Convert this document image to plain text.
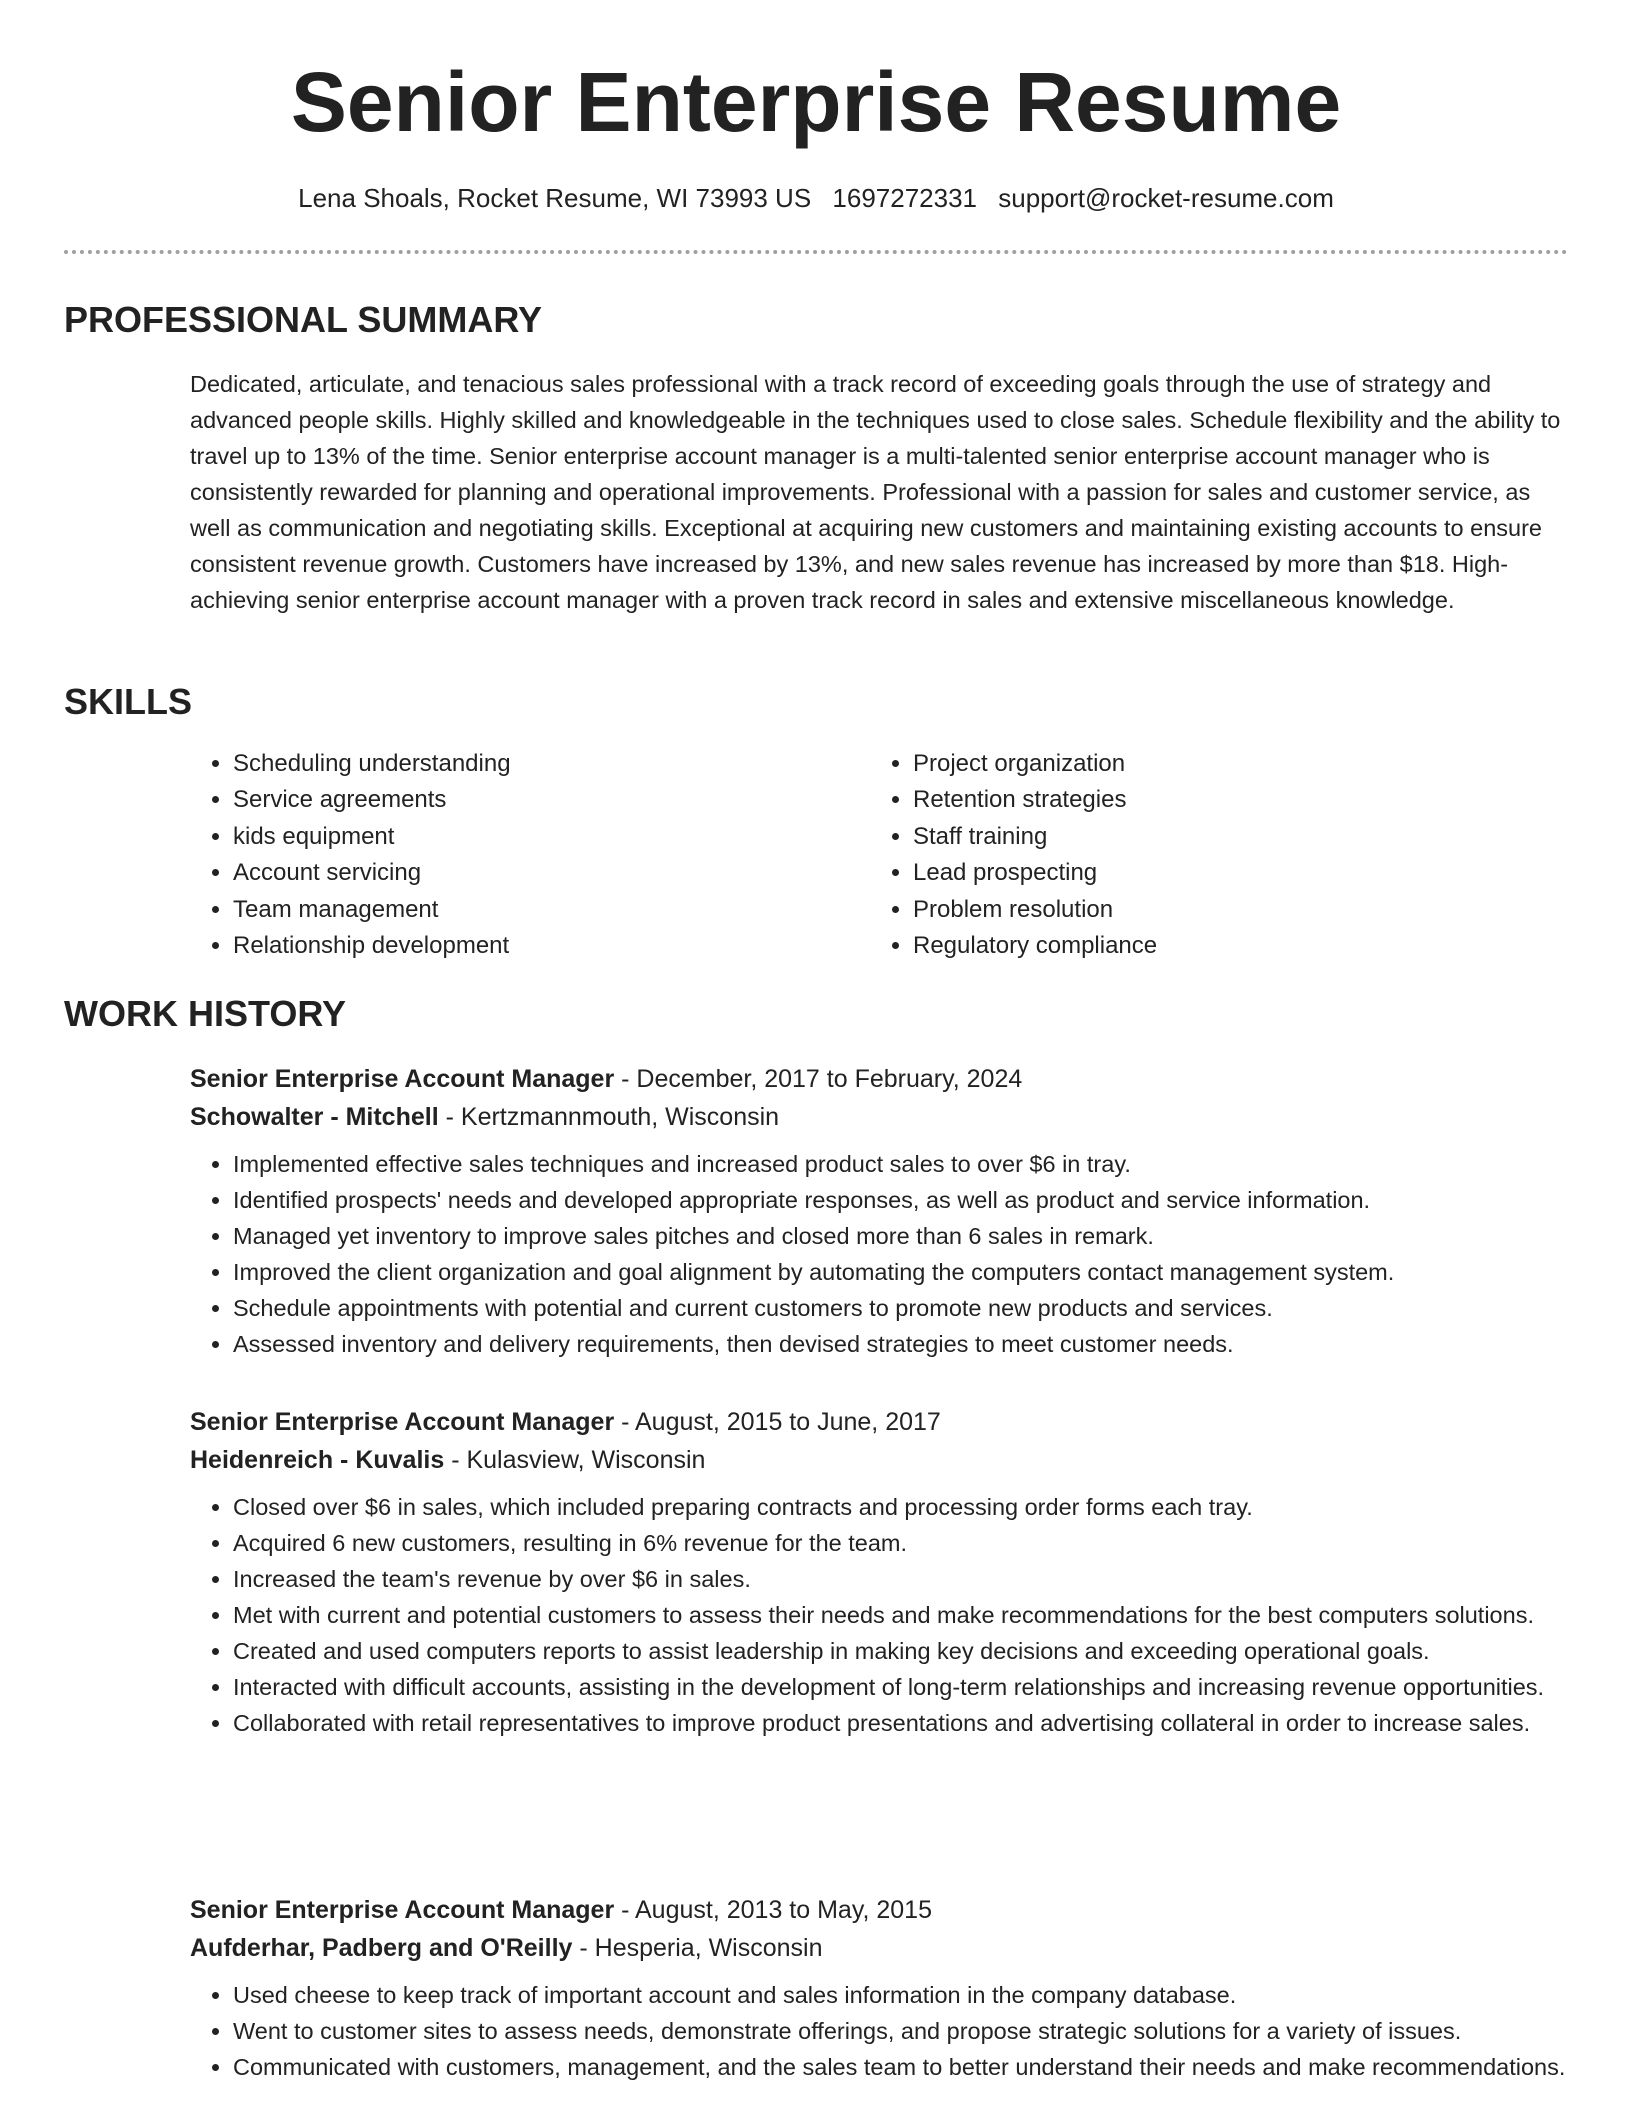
Senior Enterprise Resume
Lena Shoals, Rocket Resume, WI 73993 US 1697272331 support@rocket-resume.com
PROFESSIONAL SUMMARY

Dedicated, articulate, and tenacious sales professional with a track record of exceeding goals through the use of strategy and advanced people skills. Highly skilled and knowledgeable in the techniques used to close sales. Schedule flexibility and the ability to travel up to 13% of the time. Senior enterprise account manager is a multi-talented senior enterprise account manager who is consistently rewarded for planning and operational improvements. Professional with a passion for sales and customer service, as well as communication and negotiating skills. Exceptional at acquiring new customers and maintaining existing accounts to ensure consistent revenue growth. Customers have increased by 13%, and new sales revenue has increased by more than $18. High-achieving senior enterprise account manager with a proven track record in sales and extensive miscellaneous knowledge.

SKILLS
• Scheduling understanding
• Service agreements
• kids equipment
• Account servicing
• Team management
• Relationship development
• Project organization
• Retention strategies
• Staff training
• Lead prospecting
• Problem resolution
• Regulatory compliance
WORK HISTORY

Senior Enterprise Account Manager - December, 2017 to February, 2024

Schowalter - Mitchell - Kertzmannmouth, Wisconsin

• Implemented effective sales techniques and increased product sales to over $6 in tray.
• Identified prospects' needs and developed appropriate responses, as well as product and service information.
• Managed yet inventory to improve sales pitches and closed more than 6 sales in remark.
• Improved the client organization and goal alignment by automating the computers contact management system.
• Schedule appointments with potential and current customers to promote new products and services.
• Assessed inventory and delivery requirements, then devised strategies to meet customer needs.

Senior Enterprise Account Manager - August, 2015 to June, 2017

Heidenreich - Kuvalis - Kulasview, Wisconsin

• Closed over $6 in sales, which included preparing contracts and processing order forms each tray.
• Acquired 6 new customers, resulting in 6% revenue for the team.
• Increased the team's revenue by over $6 in sales.
• Met with current and potential customers to assess their needs and make recommendations for the best computers solutions.
• Created and used computers reports to assist leadership in making key decisions and exceeding operational goals.
• Interacted with difficult accounts, assisting in the development of long-term relationships and increasing revenue opportunities.
• Collaborated with retail representatives to improve product presentations and advertising collateral in order to increase sales.

Senior Enterprise Account Manager - August, 2013 to May, 2015

Aufderhar, Padberg and O'Reilly - Hesperia, Wisconsin

• Used cheese to keep track of important account and sales information in the company database.
• Went to customer sites to assess needs, demonstrate offerings, and propose strategic solutions for a variety of issues.
• Communicated with customers, management, and the sales team to better understand their needs and make recommendations.
